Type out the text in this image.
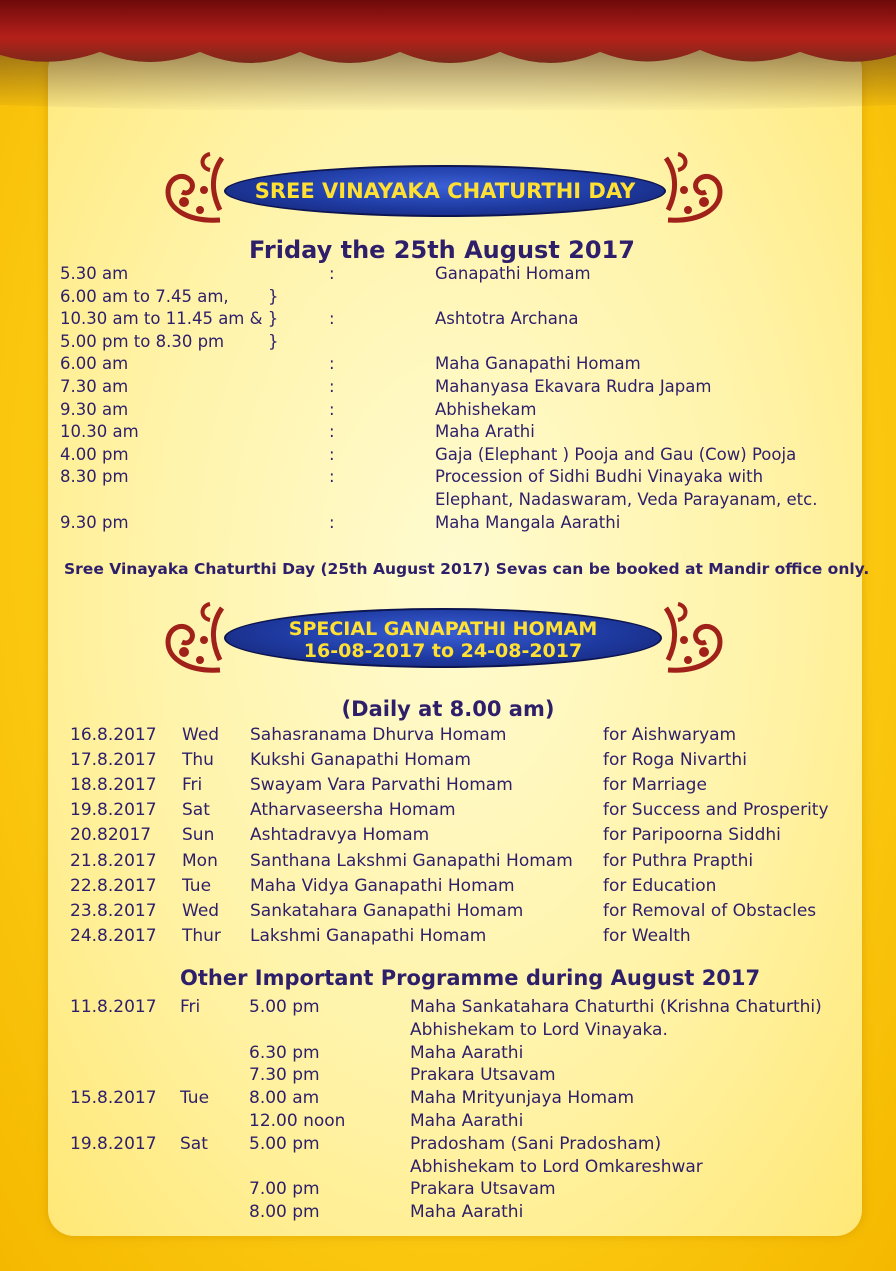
SREE VINAYAKA CHATURTHI DAY
Friday the 25th August 2017
5.30 am	:	Ganapathi Homam
6.00 am to 7.45 am, }
10.30 am to 11.45 am & }	:	Ashtotra Archana
5.00 pm to 8.30 pm	}
6.00 am	:	Maha Ganapathi Homam
7.30 am	:	Mahanyasa Ekavara Rudra Japam
9.30 am	:	Abhishekam
10.30 am	:	Maha Arathi
4.00 pm	:	Gaja (Elephant ) Pooja and Gau (Cow) Pooja
8.30 pm	:	Procession of Sidhi Budhi Vinayaka with
Elephant, Nadaswaram, Veda Parayanam, etc.
9.30 pm	:	Maha Mangala Aarathi
Sree Vinayaka Chaturthi Day (25th August 2017) Sevas can be booked at Mandir office only.
SPECIAL GANAPATHI HOMAM
16-08-2017 to 24-08-2017
(Daily at 8.00 am)
16.8.2017 Wed Sahasranama Dhurva Homam	for Aishwaryam
17.8.2017 Thu Kukshi Ganapathi Homam	for Roga Nivarthi
18.8.2017 Fri	Swayam Vara Parvathi Homam	for Marriage
19.8.2017 Sat Atharvaseersha Homam	for Success and Prosperity
20.82017 Sun Ashtadravya Homam	for Paripoorna Siddhi
21.8.2017 Mon Santhana Lakshmi Ganapathi Homam for Puthra Prapthi
22.8.2017 Tue Maha Vidya Ganapathi Homam	for Education
23.8.2017 Wed Sankatahara Ganapathi Homam	for Removal of Obstacles
24.8.2017 Thur Lakshmi Ganapathi Homam	for Wealth
Other Important Programme during August 2017
11.8.2017 Fri	5.00 pm	Maha Sankatahara Chaturthi (Krishna Chaturthi)
Abhishekam to Lord Vinayaka.
6.30 pm	Maha Aarathi
7.30 pm	Prakara Utsavam
15.8.2017 Tue 8.00 am	Maha Mrityunjaya Homam
12.00 noon	Maha Aarathi
19.8.2017 Sat 5.00 pm	Pradosham (Sani Pradosham)
Abhishekam to Lord Omkareshwar
7.00 pm	Prakara Utsavam
8.00 pm	Maha Aarathi
